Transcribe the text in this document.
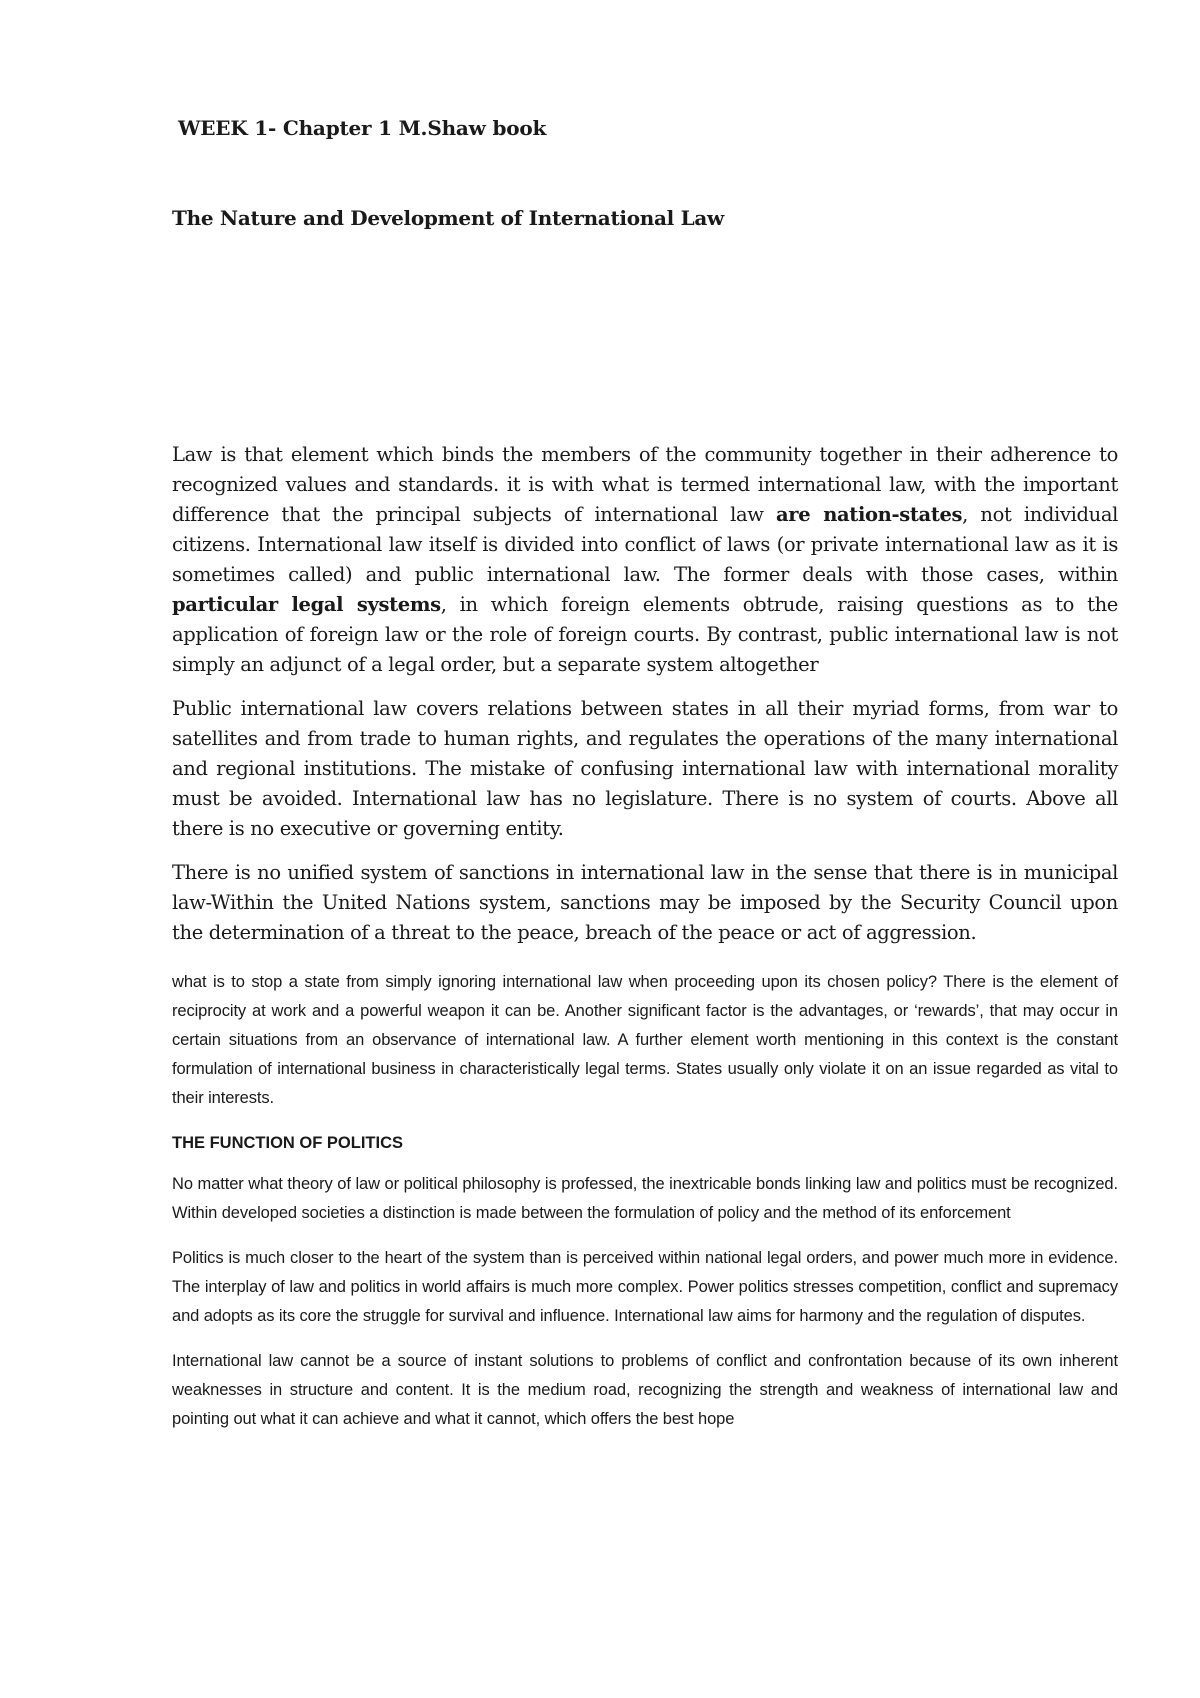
WEEK 1- Chapter 1 M.Shaw book
The Nature and Development of International Law

Law is that element which binds the members of the community together in their adherence to recognized values and standards. it is with what is termed international law, with the important difference that the principal subjects of international law are nation-states, not individual citizens. International law itself is divided into conflict of laws (or private international law as it is sometimes called) and public international law. The former deals with those cases, within particular legal systems, in which foreign elements obtrude, raising questions as to the application of foreign law or the role of foreign courts. By contrast, public international law is not simply an adjunct of a legal order, but a separate system altogether

Public international law covers relations between states in all their myriad forms, from war to satellites and from trade to human rights, and regulates the operations of the many international and regional institutions. The mistake of confusing international law with international morality must be avoided. International law has no legislature. There is no system of courts. Above all there is no executive or governing entity.

There is no unified system of sanctions in international law in the sense that there is in municipal law-Within the United Nations system, sanctions may be imposed by the Security Council upon the determination of a threat to the peace, breach of the peace or act of aggression.

what is to stop a state from simply ignoring international law when proceeding upon its chosen policy? There is the element of reciprocity at work and a powerful weapon it can be. Another significant factor is the advantages, or ‘rewards’, that may occur in certain situations from an observance of international law. A further element worth mentioning in this context is the constant formulation of international business in characteristically legal terms. States usually only violate it on an issue regarded as vital to their interests.

THE FUNCTION OF POLITICS

No matter what theory of law or political philosophy is professed, the inextricable bonds linking law and politics must be recognized. Within developed societies a distinction is made between the formulation of policy and the method of its enforcement

Politics is much closer to the heart of the system than is perceived within national legal orders, and power much more in evidence. The interplay of law and politics in world affairs is much more complex. Power politics stresses competition, conflict and supremacy and adopts as its core the struggle for survival and influence. International law aims for harmony and the regulation of disputes.

International law cannot be a source of instant solutions to problems of conflict and confrontation because of its own inherent weaknesses in structure and content. It is the medium road, recognizing the strength and weakness of international law and pointing out what it can achieve and what it cannot, which offers the best hope
